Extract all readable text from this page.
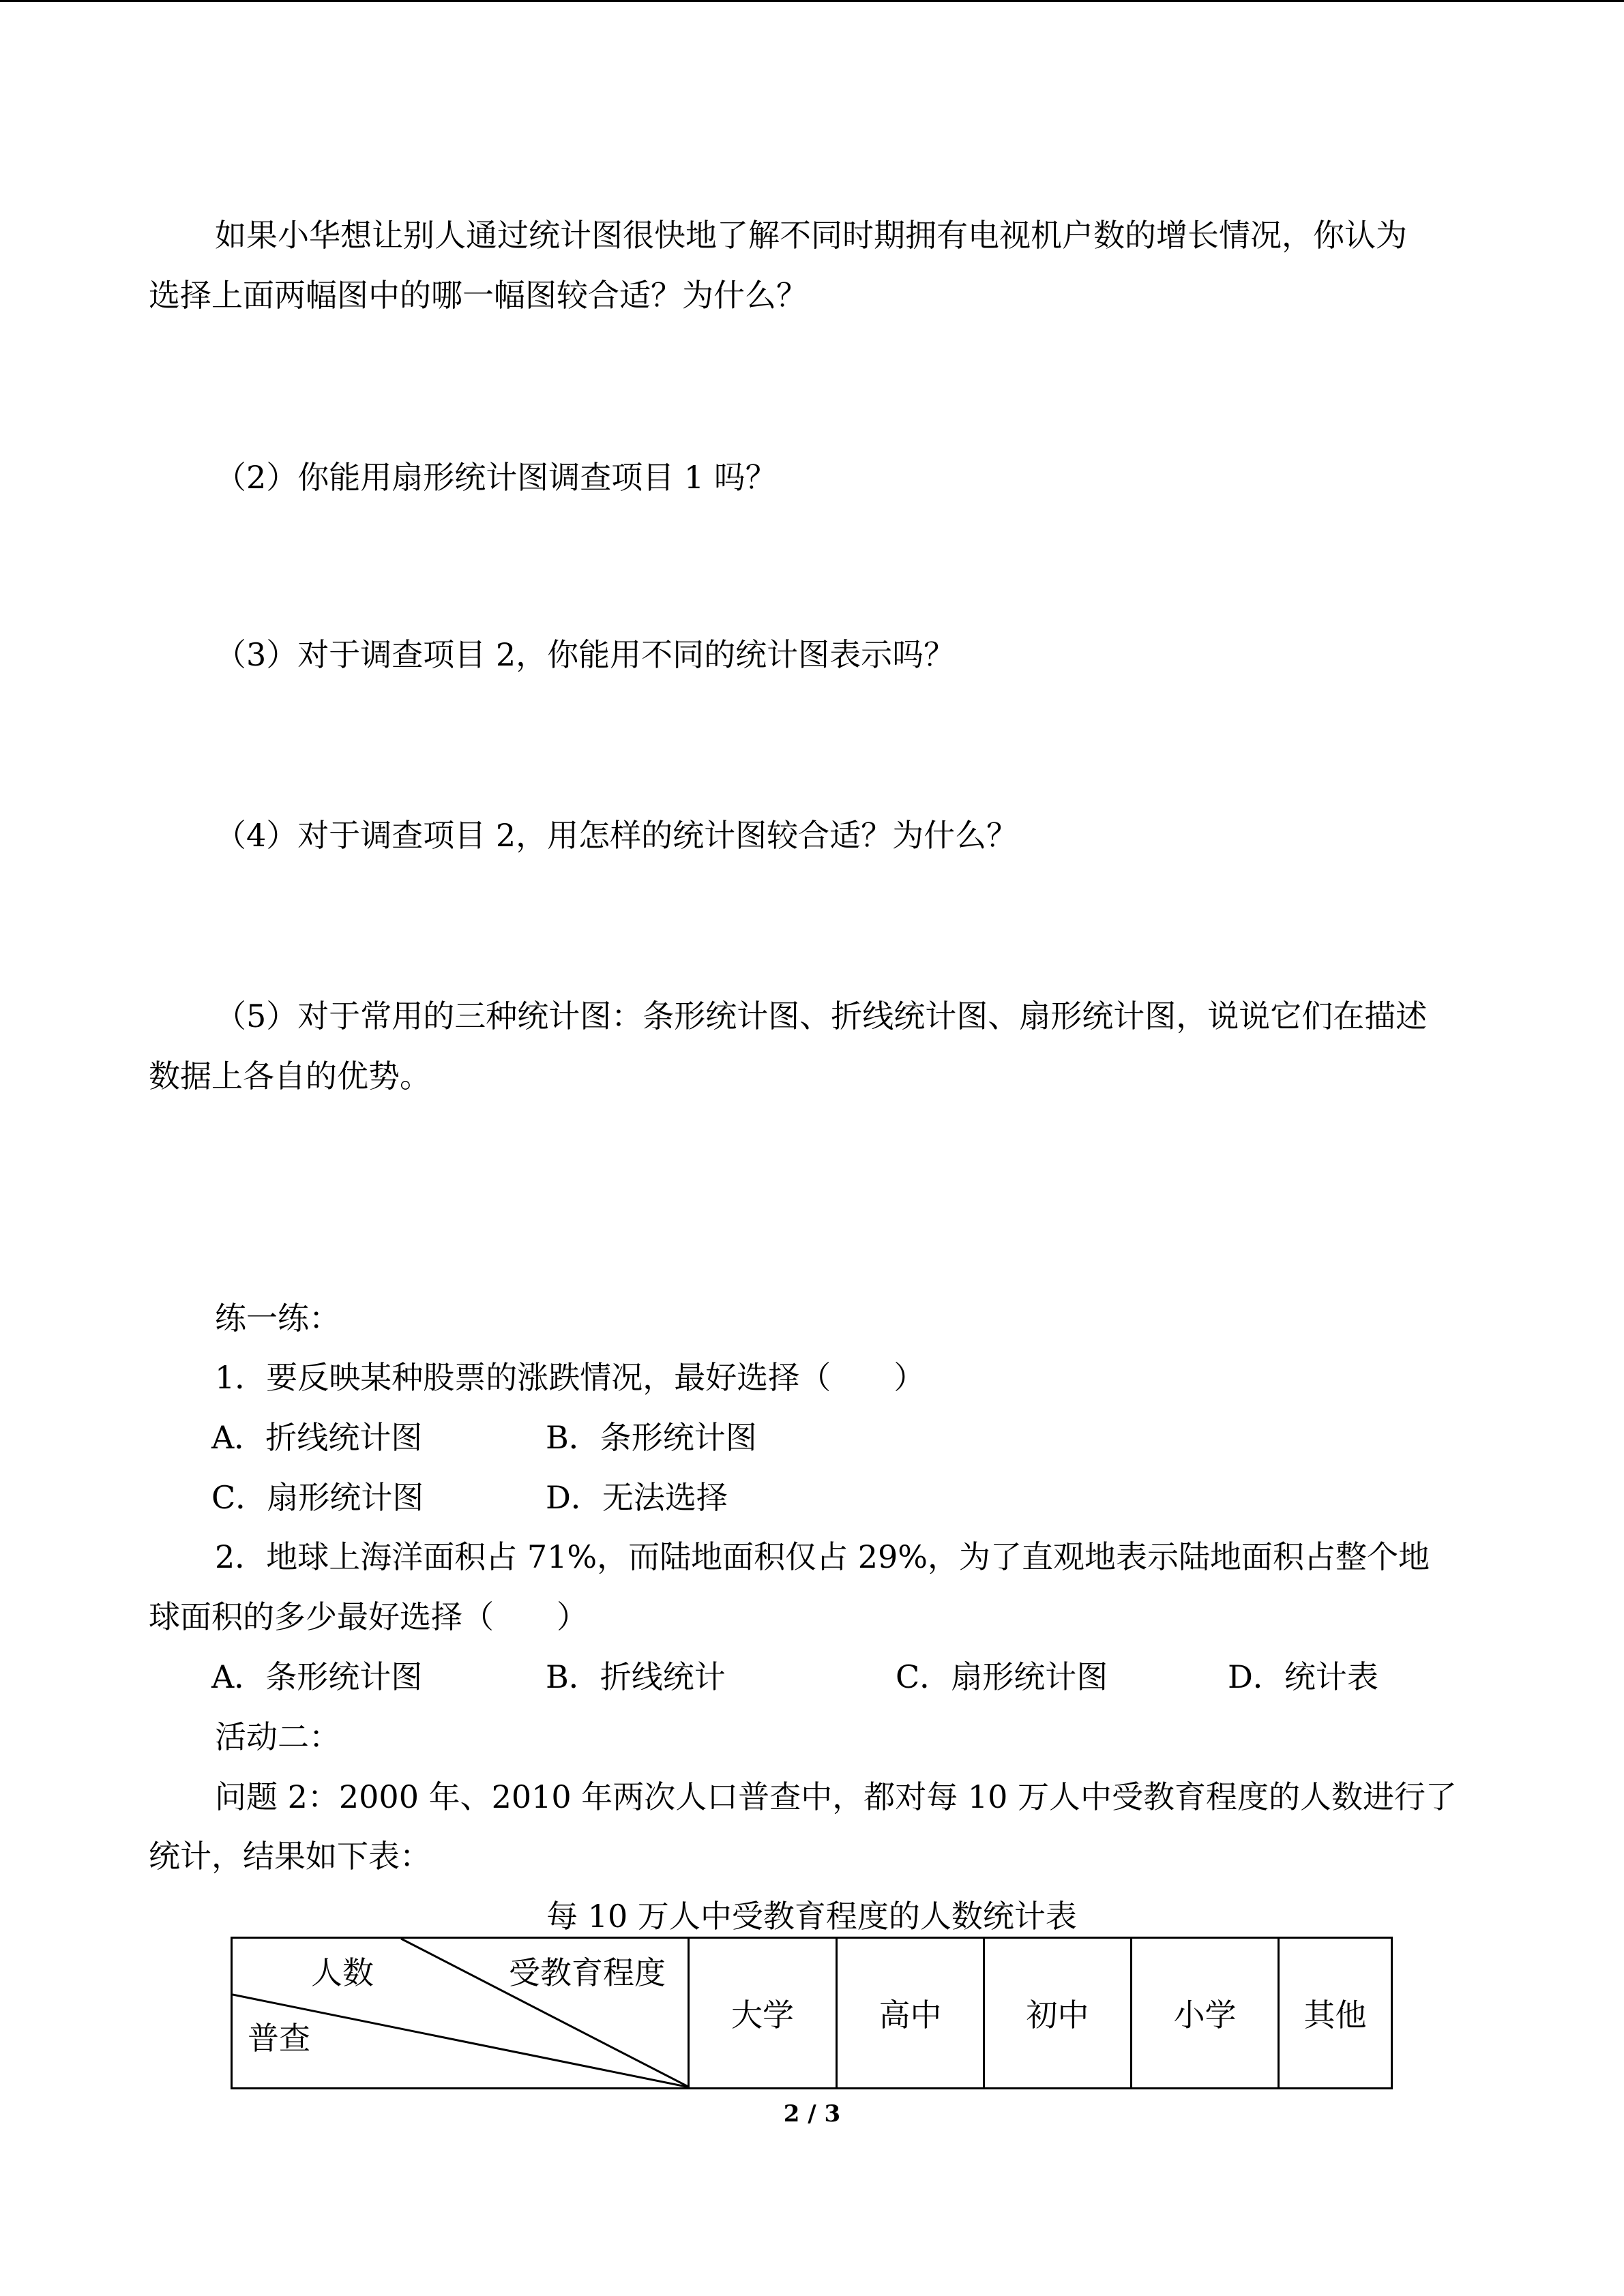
如果小华想让别人通过统计图很快地了解不同时期拥有电视机户数的增长情况，你认为
选择上面两幅图中的哪一幅图较合适？为什么？
（2）你能用扇形统计图调查项目 1 吗？
（3）对于调查项目 2，你能用不同的统计图表示吗？
（4）对于调查项目 2，用怎样的统计图较合适？为什么？
（5）对于常用的三种统计图：条形统计图、折线统计图、扇形统计图，说说它们在描述
数据上各自的优势。
练一练：
1．要反映某种股票的涨跌情况，最好选择（　　）
A．折线统计图	B．条形统计图
C．扇形统计图	D．无法选择
2．地球上海洋面积占 71%，而陆地面积仅占 29%，为了直观地表示陆地面积占整个地
球面积的多少最好选择（　　）
A．条形统计图	B．折线统计	C．扇形统计图	D．统计表
活动二：
问题 2：2000 年、2010 年两次人口普查中，都对每 10 万人中受教育程度的人数进行了
统计，结果如下表：
每 10 万人中受教育程度的人数统计表
人数	受教育程度
普查
大学	高中	初中	小学	其他
2 / 3
